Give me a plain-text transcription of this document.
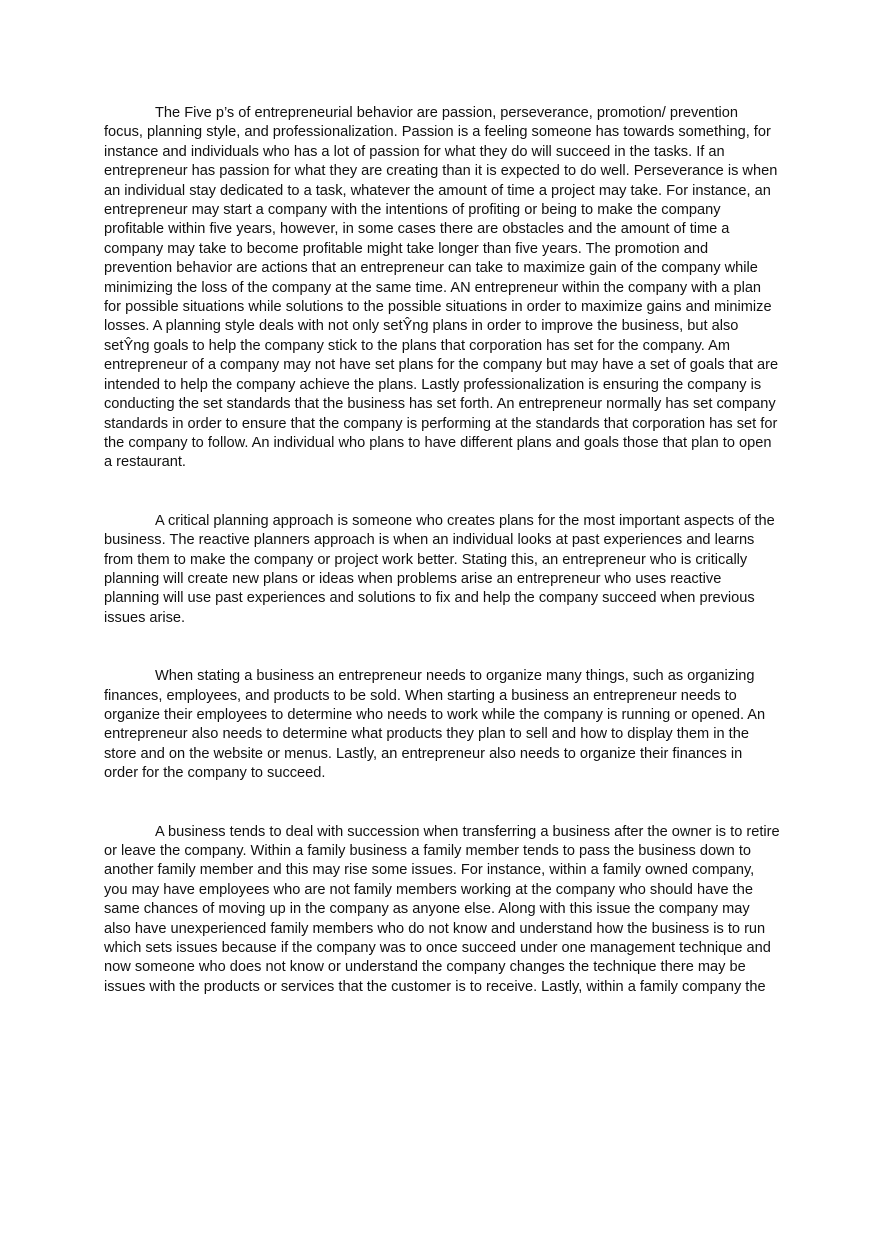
The Five p’s of entrepreneurial behavior are passion, perseverance, promotion/ prevention focus, planning style, and professionalization. Passion is a feeling someone has towards something, for instance and individuals who has a lot of passion for what they do will succeed in the tasks. If an entrepreneur has passion for what they are creating than it is expected to do well. Perseverance is when an individual stay dedicated to a task, whatever the amount of time a project may take. For instance, an entrepreneur may start a company with the intentions of profiting or being to make the company profitable within five years, however, in some cases there are obstacles and the amount of time a company may take to become profitable might take longer than five years. The promotion and prevention behavior are actions that an entrepreneur can take to maximize gain of the company while minimizing the loss of the company at the same time. AN entrepreneur within the company with a plan for possible situations while solutions to the possible situations in order to maximize gains and minimize losses. A planning style deals with not only setŶng plans in order to improve the business, but also setŶng goals to help the company stick to the plans that corporation has set for the company. Am entrepreneur of a company may not have set plans for the company but may have a set of goals that are intended to help the company achieve the plans. Lastly professionalization is ensuring the company is conducting the set standards that the business has set forth. An entrepreneur normally has set company standards in order to ensure that the company is performing at the standards that corporation has set for the company to follow. An individual who plans to have different plans and goals those that plan to open a restaurant.

A critical planning approach is someone who creates plans for the most important aspects of the business. The reactive planners approach is when an individual looks at past experiences and learns from them to make the company or project work better. Stating this, an entrepreneur who is critically planning will create new plans or ideas when problems arise an entrepreneur who uses reactive planning will use past experiences and solutions to fix and help the company succeed when previous issues arise.

When stating a business an entrepreneur needs to organize many things, such as organizing finances, employees, and products to be sold. When starting a business an entrepreneur needs to organize their employees to determine who needs to work while the company is running or opened. An entrepreneur also needs to determine what products they plan to sell and how to display them in the store and on the website or menus. Lastly, an entrepreneur also needs to organize their finances in order for the company to succeed.

A business tends to deal with succession when transferring a business after the owner is to retire or leave the company. Within a family business a family member tends to pass the business down to another family member and this may rise some issues. For instance, within a family owned company, you may have employees who are not family members working at the company who should have the same chances of moving up in the company as anyone else. Along with this issue the company may also have unexperienced family members who do not know and understand how the business is to run which sets issues because if the company was to once succeed under one management technique and now someone who does not know or understand the company changes the technique there may be issues with the products or services that the customer is to receive. Lastly, within a family company the
